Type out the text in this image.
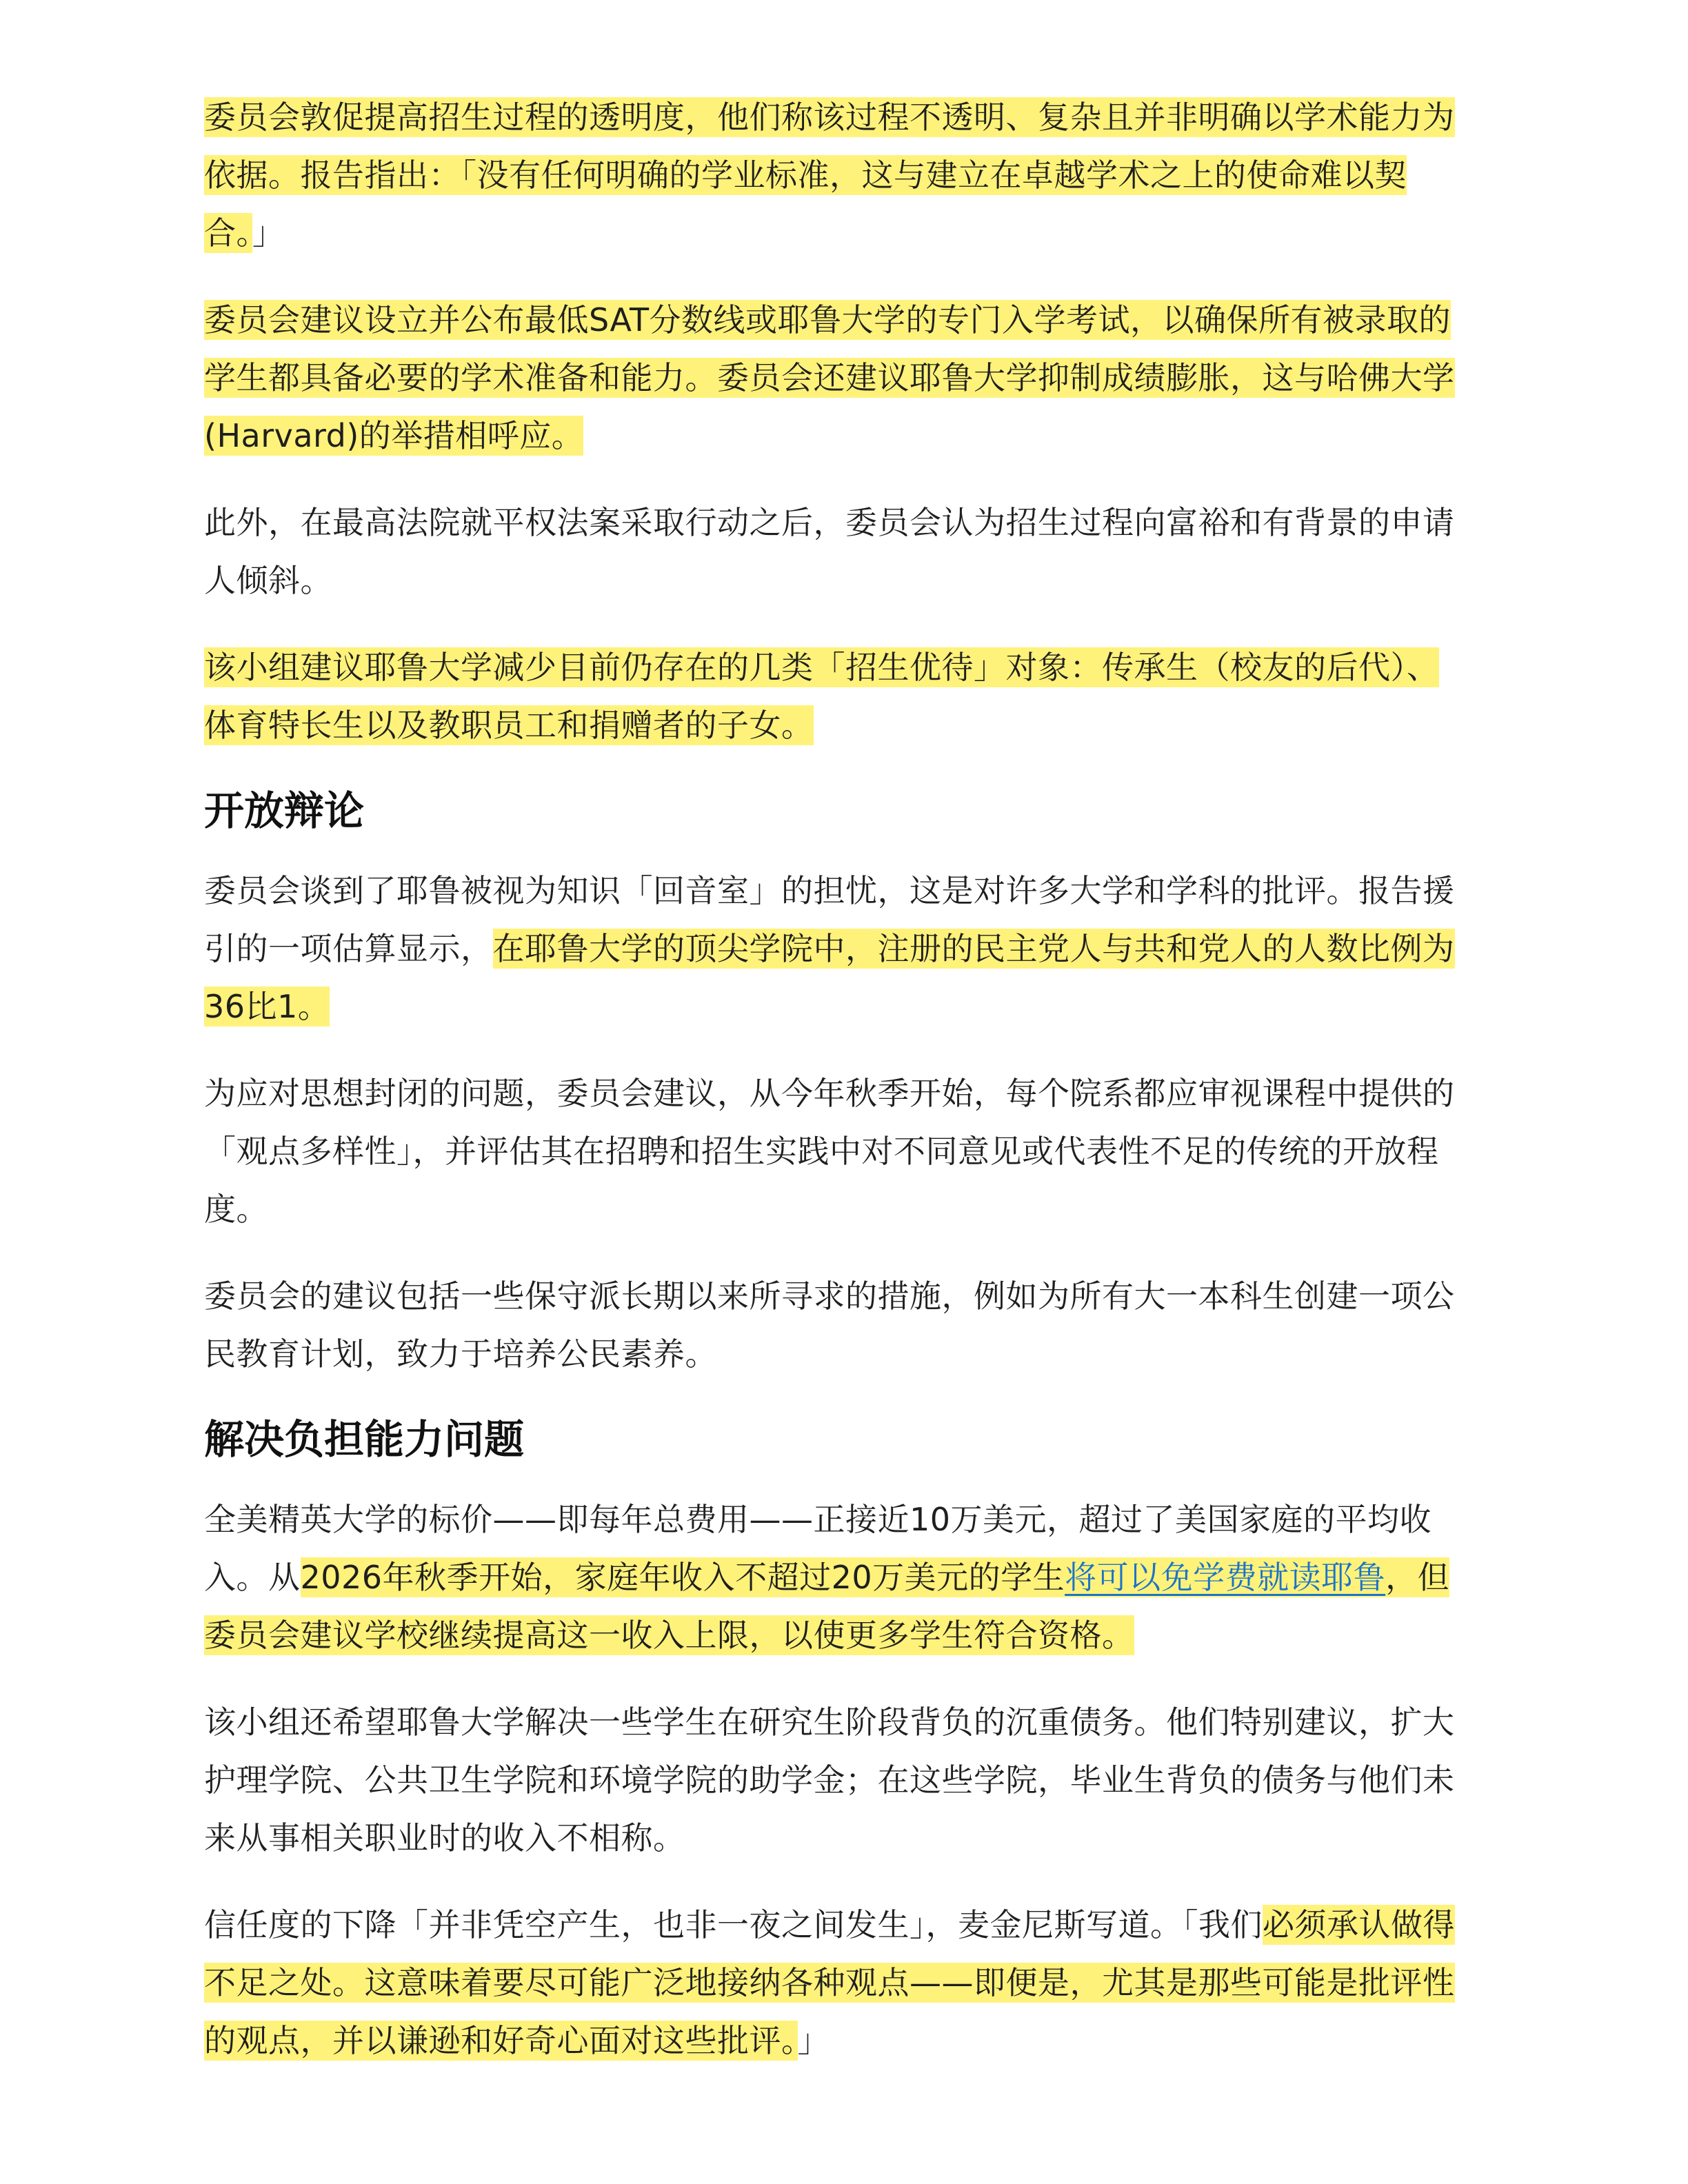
委员会敦促提高招生过程的透明度，他们称该过程不透明、复杂且并非明确以学术能力为依据。报告指出：「没有任何明确的学业标准，这与建立在卓越学术之上的使命难以契合。」

委员会建议设立并公布最低SAT分数线或耶鲁大学的专门入学考试，以确保所有被录取的学生都具备必要的学术准备和能力。委员会还建议耶鲁大学抑制成绩膨胀，这与哈佛大学(Harvard)的举措相呼应。

此外，在最高法院就平权法案采取行动之后，委员会认为招生过程向富裕和有背景的申请人倾斜。

该小组建议耶鲁大学减少目前仍存在的几类「招生优待」对象：传承生（校友的后代）、体育特长生以及教职员工和捐赠者的子女。

开放辩论

委员会谈到了耶鲁被视为知识「回音室」的担忧，这是对许多大学和学科的批评。报告援引的一项估算显示，在耶鲁大学的顶尖学院中，注册的民主党人与共和党人的人数比例为36比1。

为应对思想封闭的问题，委员会建议，从今年秋季开始，每个院系都应审视课程中提供的「观点多样性」，并评估其在招聘和招生实践中对不同意见或代表性不足的传统的开放程度。

委员会的建议包括一些保守派长期以来所寻求的措施，例如为所有大一本科生创建一项公民教育计划，致力于培养公民素养。

解决负担能力问题

全美精英大学的标价——即每年总费用——正接近10万美元，超过了美国家庭的平均收入。从2026年秋季开始，家庭年收入不超过20万美元的学生将可以免学费就读耶鲁，但委员会建议学校继续提高这一收入上限，以使更多学生符合资格。

该小组还希望耶鲁大学解决一些学生在研究生阶段背负的沉重债务。他们特别建议，扩大护理学院、公共卫生学院和环境学院的助学金；在这些学院，毕业生背负的债务与他们未来从事相关职业时的收入不相称。

信任度的下降「并非凭空产生，也非一夜之间发生」，麦金尼斯写道。「我们必须承认做得不足之处。这意味着要尽可能广泛地接纳各种观点——即便是，尤其是那些可能是批评性的观点，并以谦逊和好奇心面对这些批评。」
